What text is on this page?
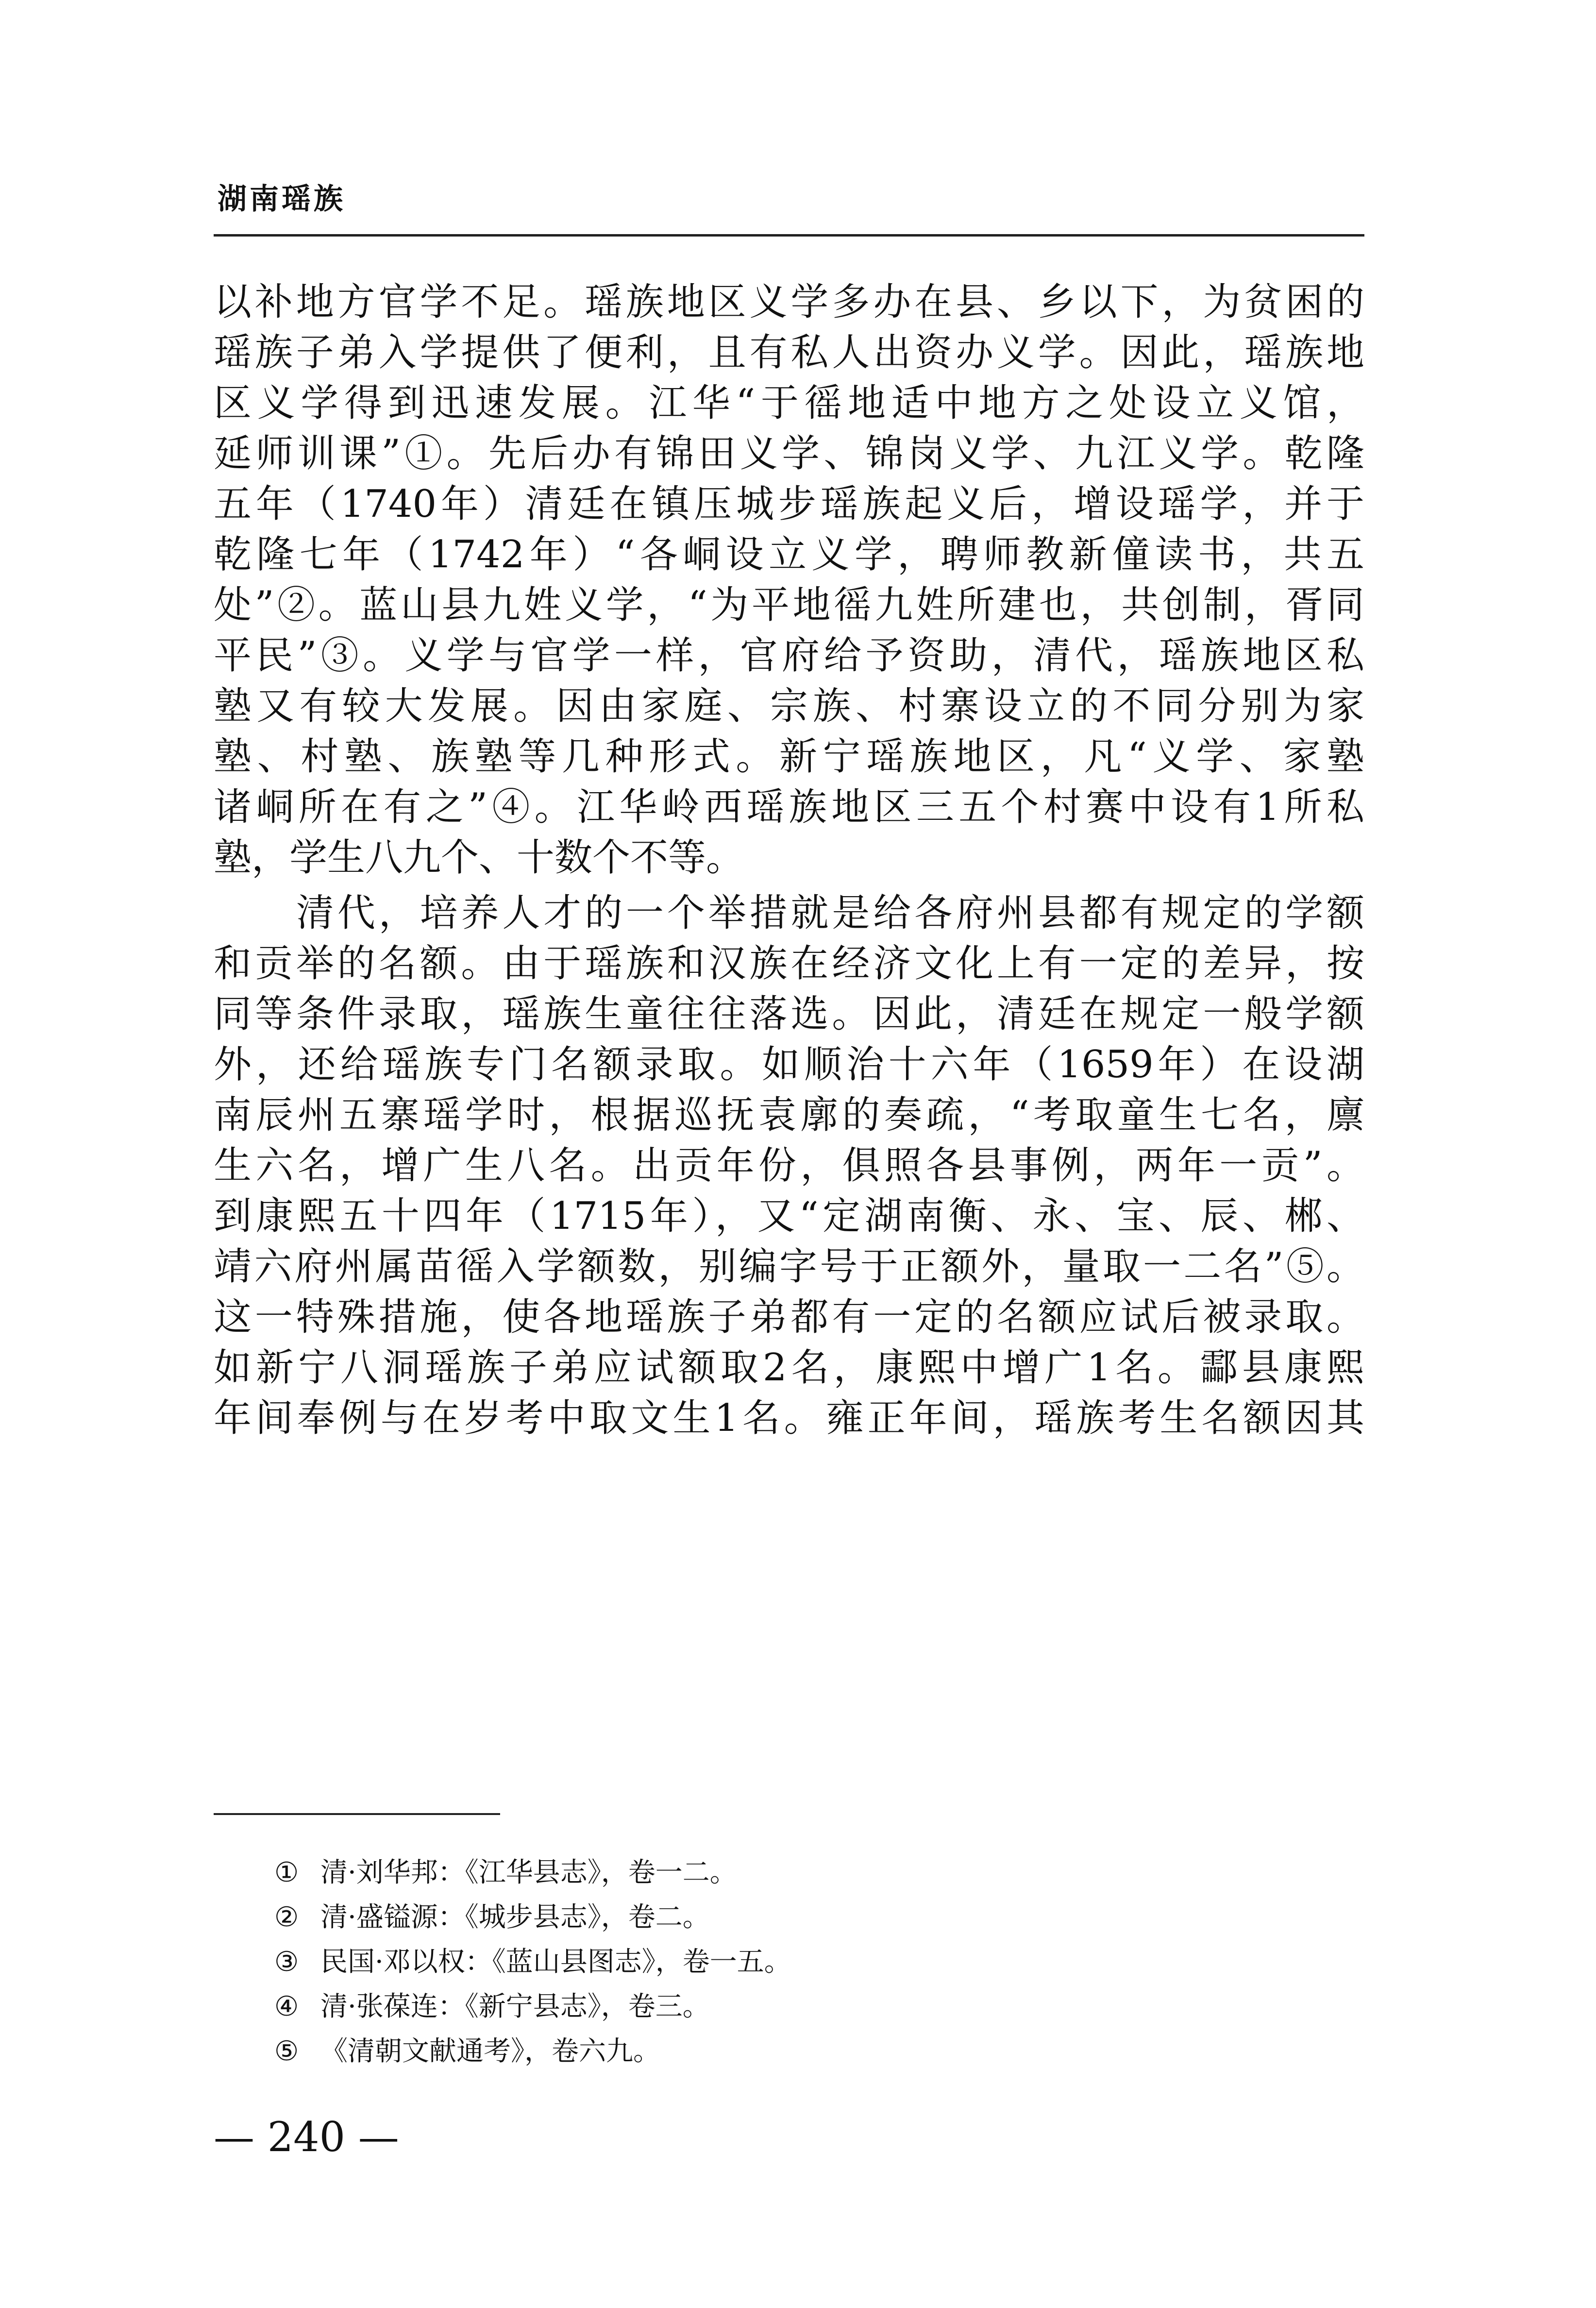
湖南瑶族
以补地方官学不足。瑶族地区义学多办在县、乡以下，为贫困的
瑶族子弟入学提供了便利，且有私人出资办义学。因此，瑶族地
区义学得到迅速发展。江华“于徭地适中地方之处设立义馆，
延师训课”①。先后办有锦田义学、锦岗义学、九江义学。乾隆
五年（1740年）清廷在镇压城步瑶族起义后，增设瑶学，并于
乾隆七年（1742年）“各峒设立义学，聘师教新僮读书，共五
处”②。蓝山县九姓义学，“为平地徭九姓所建也，共创制，胥同
平民”③。义学与官学一样，官府给予资助，清代，瑶族地区私
塾又有较大发展。因由家庭、宗族、村寨设立的不同分别为家
塾、村塾、族塾等几种形式。新宁瑶族地区，凡“义学、家塾
诸峒所在有之”④。江华岭西瑶族地区三五个村赛中设有1所私
塾，学生八九个、十数个不等。
清代，培养人才的一个举措就是给各府州县都有规定的学额
和贡举的名额。由于瑶族和汉族在经济文化上有一定的差异，按
同等条件录取，瑶族生童往往落选。因此，清廷在规定一般学额
外，还给瑶族专门名额录取。如顺治十六年（1659年）在设湖
南辰州五寨瑶学时，根据巡抚袁廓的奏疏，“考取童生七名，廪
生六名，增广生八名。出贡年份，俱照各县事例，两年一贡”。
到康熙五十四年（1715年），又“定湖南衡、永、宝、辰、郴、
靖六府州属苗徭入学额数，别编字号于正额外，量取一二名”⑤。
这一特殊措施，使各地瑶族子弟都有一定的名额应试后被录取。
如新宁八洞瑶族子弟应试额取2名，康熙中增广1名。酃县康熙
年间奉例与在岁考中取文生1名。雍正年间，瑶族考生名额因其
① 清·刘华邦：《江华县志》，卷一二。
② 清·盛镒源：《城步县志》，卷二。
③ 民国·邓以权：《蓝山县图志》，卷一五。
④ 清·张葆连：《新宁县志》，卷三。
⑤ 《清朝文献通考》，卷六九。
— 240 —
